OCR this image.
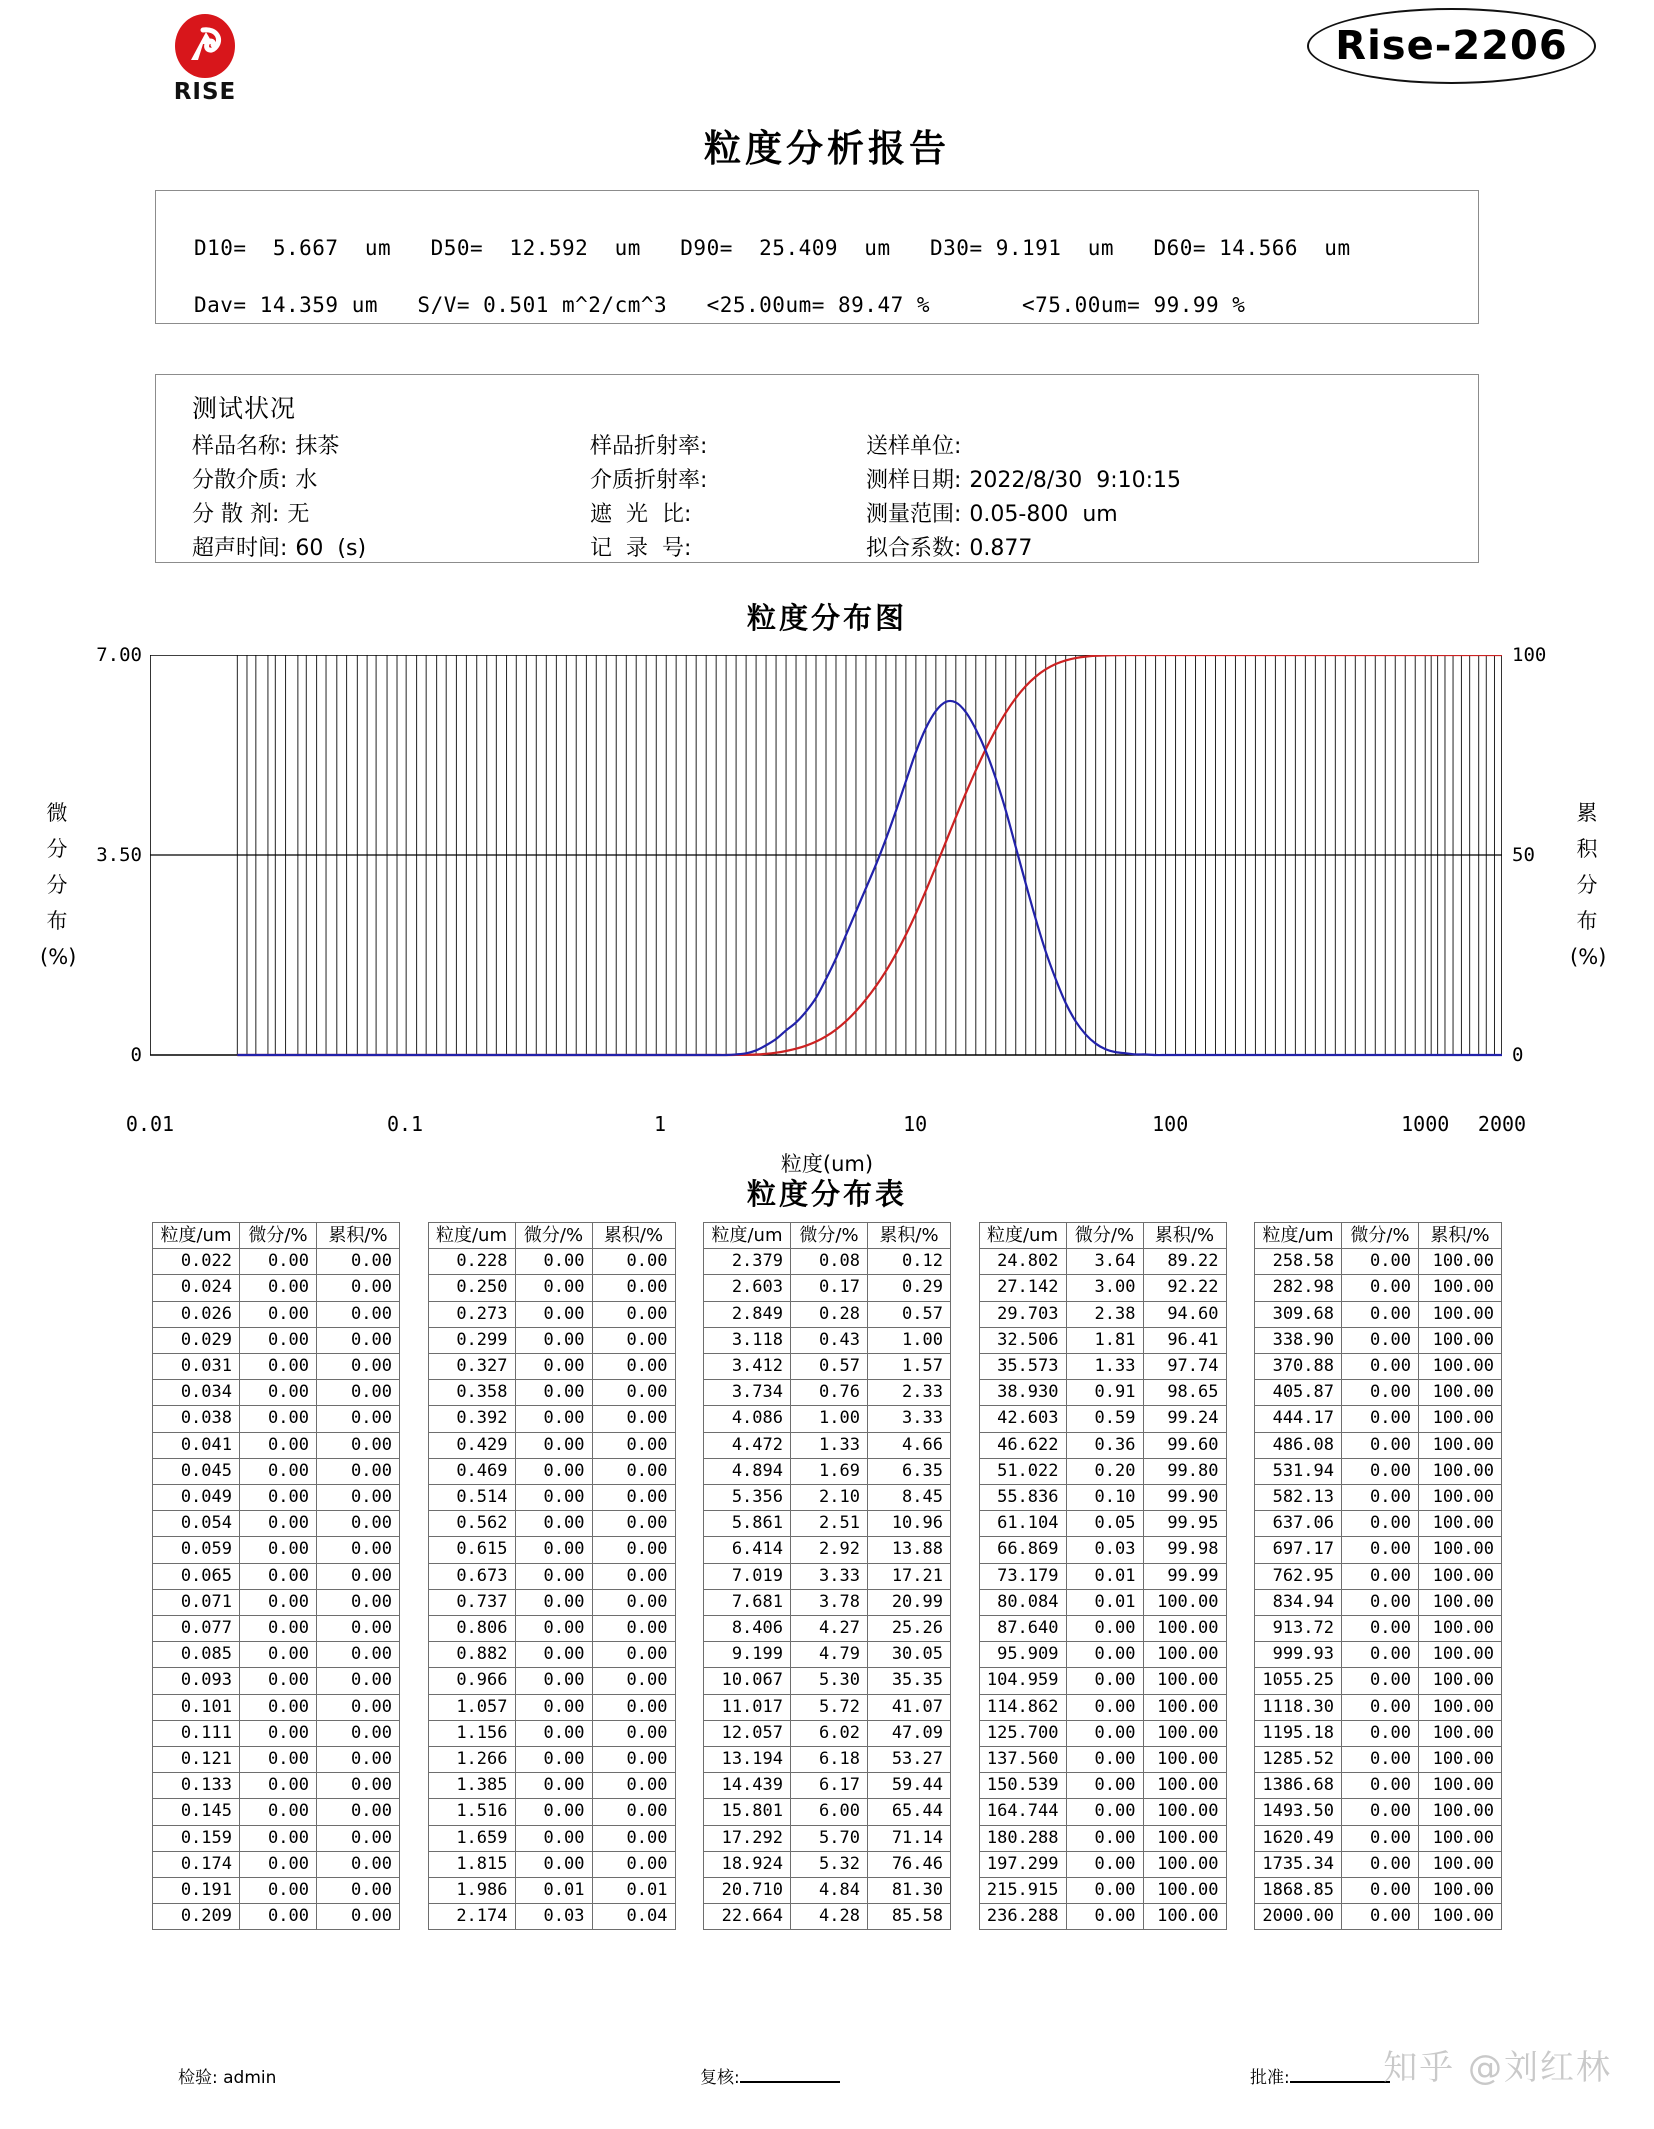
RISE
Rise-2206
粒度分析报告
D10=  5.667  um   D50=  12.592  um   D90=  25.409  um   D30= 9.191  um   D60= 14.566  um
Dav= 14.359 um   S/V= 0.501 m^2/cm^3   <25.00um= 89.47 %       <75.00um= 99.99 %
测试状况
样品名称: 抹茶
分散介质: 水
分 散 剂: 无
超声时间: 60  (s)
样品折射率:
介质折射率:
遮  光  比:
记  录  号:
送样单位:
测样日期: 2022/8/30  9:10:15
测量范围: 0.05-800  um
拟合系数: 0.877
粒度分布图
微
分
分
布
(%)
累
积
分
布
(%)
7.00
3.50
0
100
50
0
0.01	0.1	1	10	100	1000 2000
粒度(um)
粒度分布表
粒度/um	微分/%	累积/%
0.022	0.00	0.00
0.024	0.00	0.00
0.026	0.00	0.00
0.029	0.00	0.00
0.031	0.00	0.00
0.034	0.00	0.00
0.038	0.00	0.00
0.041	0.00	0.00
0.045	0.00	0.00
0.049	0.00	0.00
0.054	0.00	0.00
0.059	0.00	0.00
0.065	0.00	0.00
0.071	0.00	0.00
0.077	0.00	0.00
0.085	0.00	0.00
0.093	0.00	0.00
0.101	0.00	0.00
0.111	0.00	0.00
0.121	0.00	0.00
0.133	0.00	0.00
0.145	0.00	0.00
0.159	0.00	0.00
0.174	0.00	0.00
0.191	0.00	0.00
0.209	0.00	0.00
粒度/um	微分/%	累积/%
0.228	0.00	0.00
0.250	0.00	0.00
0.273	0.00	0.00
0.299	0.00	0.00
0.327	0.00	0.00
0.358	0.00	0.00
0.392	0.00	0.00
0.429	0.00	0.00
0.469	0.00	0.00
0.514	0.00	0.00
0.562	0.00	0.00
0.615	0.00	0.00
0.673	0.00	0.00
0.737	0.00	0.00
0.806	0.00	0.00
0.882	0.00	0.00
0.966	0.00	0.00
1.057	0.00	0.00
1.156	0.00	0.00
1.266	0.00	0.00
1.385	0.00	0.00
1.516	0.00	0.00
1.659	0.00	0.00
1.815	0.00	0.00
1.986	0.01	0.01
2.174	0.03	0.04
粒度/um	微分/%	累积/%
2.379	0.08	0.12
2.603	0.17	0.29
2.849	0.28	0.57
3.118	0.43	1.00
3.412	0.57	1.57
3.734	0.76	2.33
4.086	1.00	3.33
4.472	1.33	4.66
4.894	1.69	6.35
5.356	2.10	8.45
5.861	2.51	10.96
6.414	2.92	13.88
7.019	3.33	17.21
7.681	3.78	20.99
8.406	4.27	25.26
9.199	4.79	30.05
10.067	5.30	35.35
11.017	5.72	41.07
12.057	6.02	47.09
13.194	6.18	53.27
14.439	6.17	59.44
15.801	6.00	65.44
17.292	5.70	71.14
18.924	5.32	76.46
20.710	4.84	81.30
22.664	4.28	85.58
粒度/um	微分/%	累积/%
24.802	3.64	89.22
27.142	3.00	92.22
29.703	2.38	94.60
32.506	1.81	96.41
35.573	1.33	97.74
38.930	0.91	98.65
42.603	0.59	99.24
46.622	0.36	99.60
51.022	0.20	99.80
55.836	0.10	99.90
61.104	0.05	99.95
66.869	0.03	99.98
73.179	0.01	99.99
80.084	0.01	100.00
87.640	0.00	100.00
95.909	0.00	100.00
104.959	0.00	100.00
114.862	0.00	100.00
125.700	0.00	100.00
137.560	0.00	100.00
150.539	0.00	100.00
164.744	0.00	100.00
180.288	0.00	100.00
197.299	0.00	100.00
215.915	0.00	100.00
236.288	0.00	100.00
粒度/um	微分/%	累积/%
258.58	0.00	100.00
282.98	0.00	100.00
309.68	0.00	100.00
338.90	0.00	100.00
370.88	0.00	100.00
405.87	0.00	100.00
444.17	0.00	100.00
486.08	0.00	100.00
531.94	0.00	100.00
582.13	0.00	100.00
637.06	0.00	100.00
697.17	0.00	100.00
762.95	0.00	100.00
834.94	0.00	100.00
913.72	0.00	100.00
999.93	0.00	100.00
1055.25	0.00	100.00
1118.30	0.00	100.00
1195.18	0.00	100.00
1285.52	0.00	100.00
1386.68	0.00	100.00
1493.50	0.00	100.00
1620.49	0.00	100.00
1735.34	0.00	100.00
1868.85	0.00	100.00
2000.00	0.00	100.00
检验: admin	复核:	批准:	知乎 @刘红林
